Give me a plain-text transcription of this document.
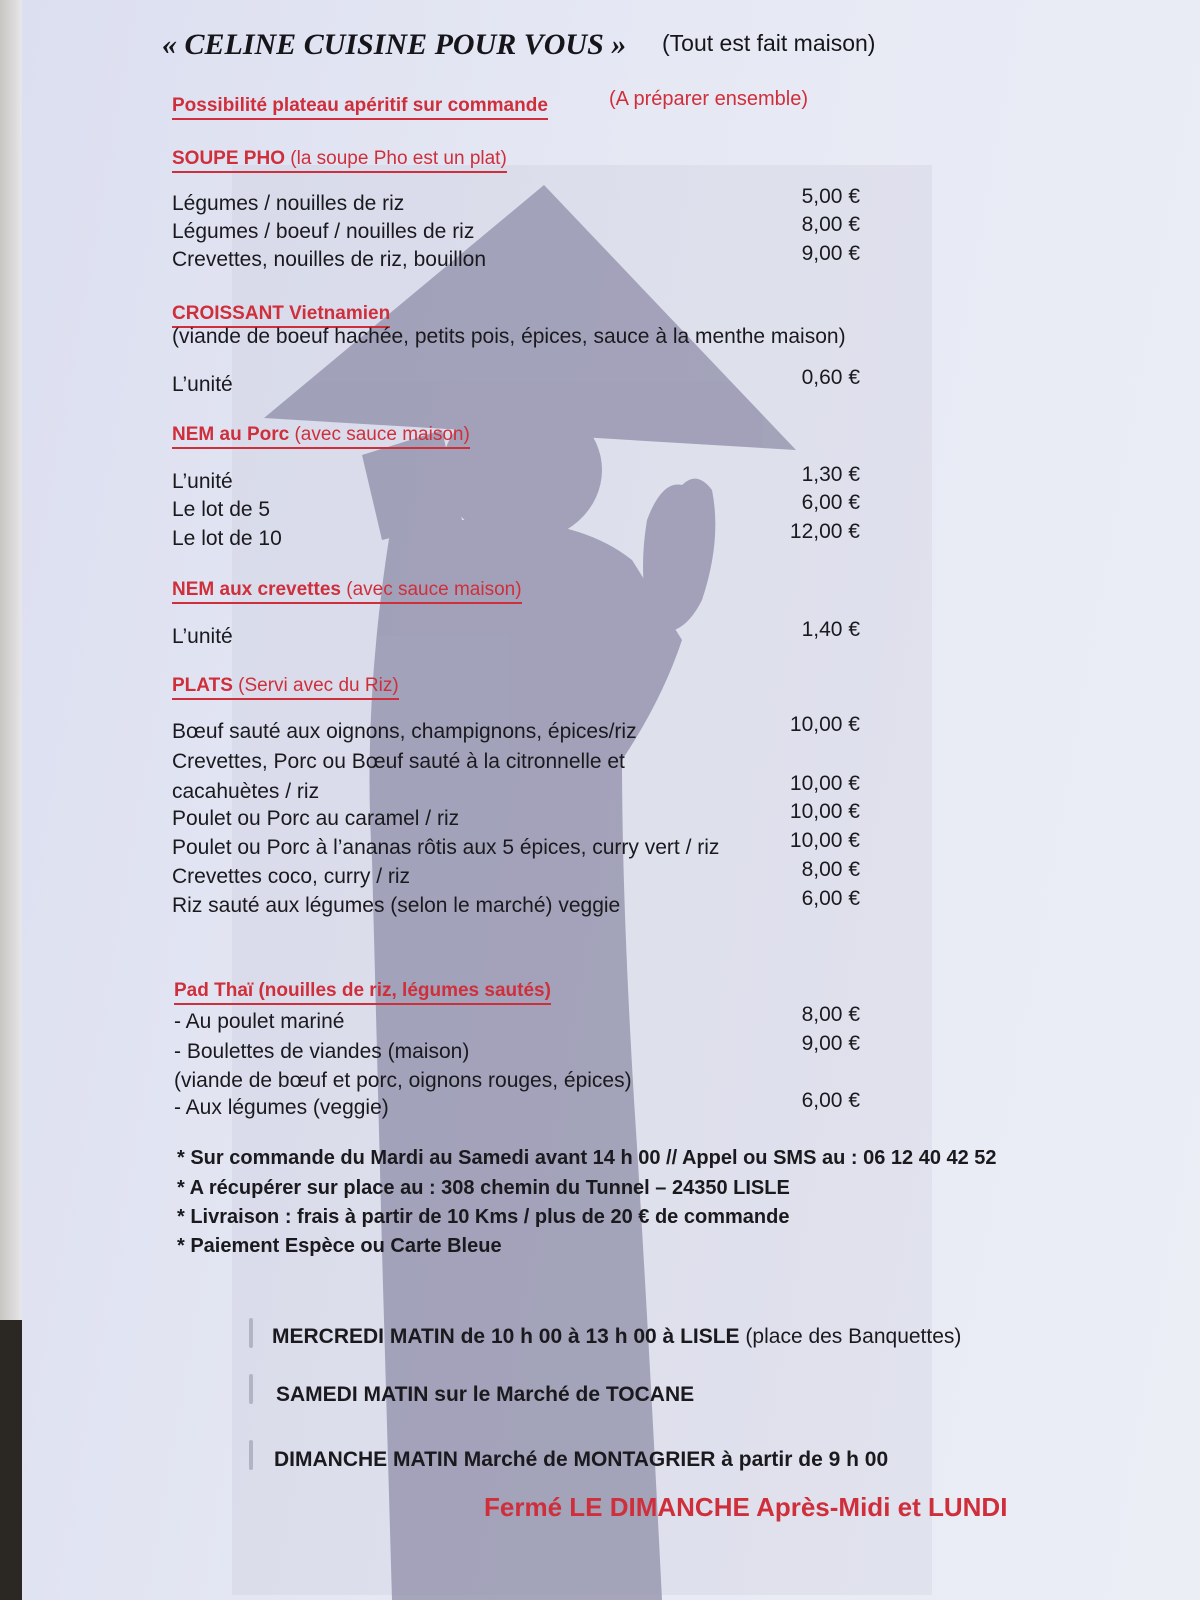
« CELINE CUISINE POUR VOUS » (Tout est fait maison)
Possibilité plateau apéritif sur commande	(A préparer ensemble)
SOUPE PHO (la soupe Pho est un plat)
Légumes / nouilles de riz	5,00 €
Légumes / boeuf / nouilles de riz	8,00 €
Crevettes, nouilles de riz, bouillon	9,00 €
CROISSANT Vietnamien
(viande de boeuf hachée, petits pois, épices, sauce à la menthe maison)
L’unité	0,60 €
NEM au Porc (avec sauce maison)
L’unité	1,30 €
Le lot de 5	6,00 €
Le lot de 10	12,00 €
NEM aux crevettes (avec sauce maison)
L’unité	1,40 €
PLATS (Servi avec du Riz)
Bœuf sauté aux oignons, champignons, épices/riz	10,00 €
Crevettes, Porc ou Bœuf sauté à la citronnelle et
cacahuètes / riz	10,00 €
Poulet ou Porc au caramel / riz	10,00 €
Poulet ou Porc à l’ananas rôtis aux 5 épices, curry vert / riz	10,00 €
Crevettes coco, curry / riz	8,00 €
Riz sauté aux légumes (selon le marché) veggie	6,00 €
Pad Thaï (nouilles de riz, légumes sautés)
- Au poulet mariné	8,00 €
- Boulettes de viandes (maison)	9,00 €
(viande de bœuf et porc, oignons rouges, épices)
- Aux légumes (veggie)	6,00 €
* Sur commande du Mardi au Samedi avant 14 h 00 // Appel ou SMS au : 06 12 40 42 52
* A récupérer sur place au : 308 chemin du Tunnel – 24350 LISLE
* Livraison : frais à partir de 10 Kms / plus de 20 € de commande
* Paiement Espèce ou Carte Bleue
MERCREDI MATIN de 10 h 00 à 13 h 00 à LISLE (place des Banquettes)
SAMEDI MATIN sur le Marché de TOCANE
DIMANCHE MATIN Marché de MONTAGRIER à partir de 9 h 00
Fermé LE DIMANCHE Après-Midi et LUNDI
